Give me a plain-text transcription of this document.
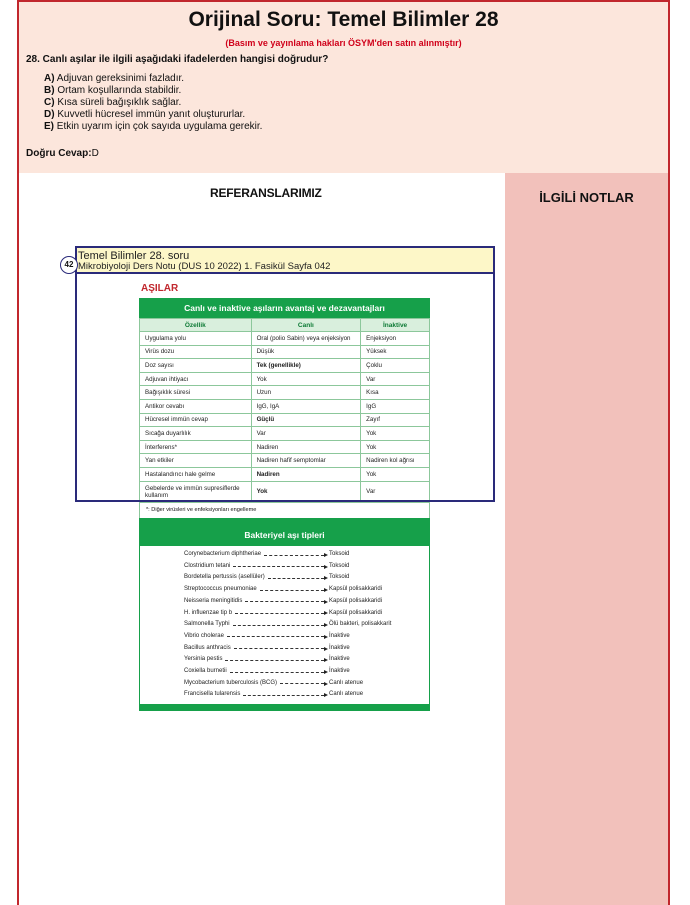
Orijinal Soru: Temel Bilimler 28
(Basım ve yayınlama hakları ÖSYM'den satın alınmıştır)
28. Canlı aşılar ile ilgili aşağıdaki ifadelerden hangisi doğrudur?
A) Adjuvan gereksinimi fazladır.
B) Ortam koşullarında stabildir.
C) Kısa süreli bağışıklık sağlar.
D) Kuvvetli hücresel immün yanıt oluştururlar.
E) Etkin uyarım için çok sayıda uygulama gerekir.
Doğru Cevap:D
REFERANSLARIMIZ	İLGİLİ NOTLAR
Temel Bilimler 28. soru
Mikrobiyoloji Ders Notu (DUS 10 2022) 1. Fasikül Sayfa 042
42
AŞILAR
Canlı ve inaktive aşıların avantaj ve dezavantajları
Özellik	Canlı	İnaktive
Uygulama yolu	Oral (polio Sabin) veya enjeksiyon	Enjeksiyon
Virüs dozu	Düşük	Yüksek
Doz sayısı	Tek (genellikle)	Çoklu
Adjuvan ihtiyacı	Yok	Var
Bağışıklık süresi	Uzun	Kısa
Antikor cevabı	IgG, IgA	IgG
Hücresel immün cevap	Güçlü	Zayıf
Sıcağa duyarlılık	Var	Yok
İnterferens*	Nadiren	Yok
Yan etkiler	Nadiren hafif semptomlar	Nadiren kol ağrısı
Hastalandırıcı hale gelme	Nadiren	Yok
Gebelerde ve immün supresiflerde kullanım	Yok	Var
*: Diğer virüsleri ve enfeksiyonları engelleme
Bakteriyel aşı tipleri
Corynebacterium diphtheriae	Toksoid
Clostridium tetani	Toksoid
Bordetella pertussis (asellüler)	Toksoid
Streptococcus pneumoniae	Kapsül polisakkaridi
Neisseria meningitidis	Kapsül polisakkaridi
H. influenzae tip b	Kapsül polisakkaridi
Salmonella Typhi	Ölü bakteri, polisakkarit
Vibrio cholerae	İnaktive
Bacillus anthracis	İnaktive
Yersinia pestis	İnaktive
Coxiella burnetii	İnaktive
Mycobacterium tuberculosis (BCG)	Canlı atenue
Francisella tularensis	Canlı atenue
